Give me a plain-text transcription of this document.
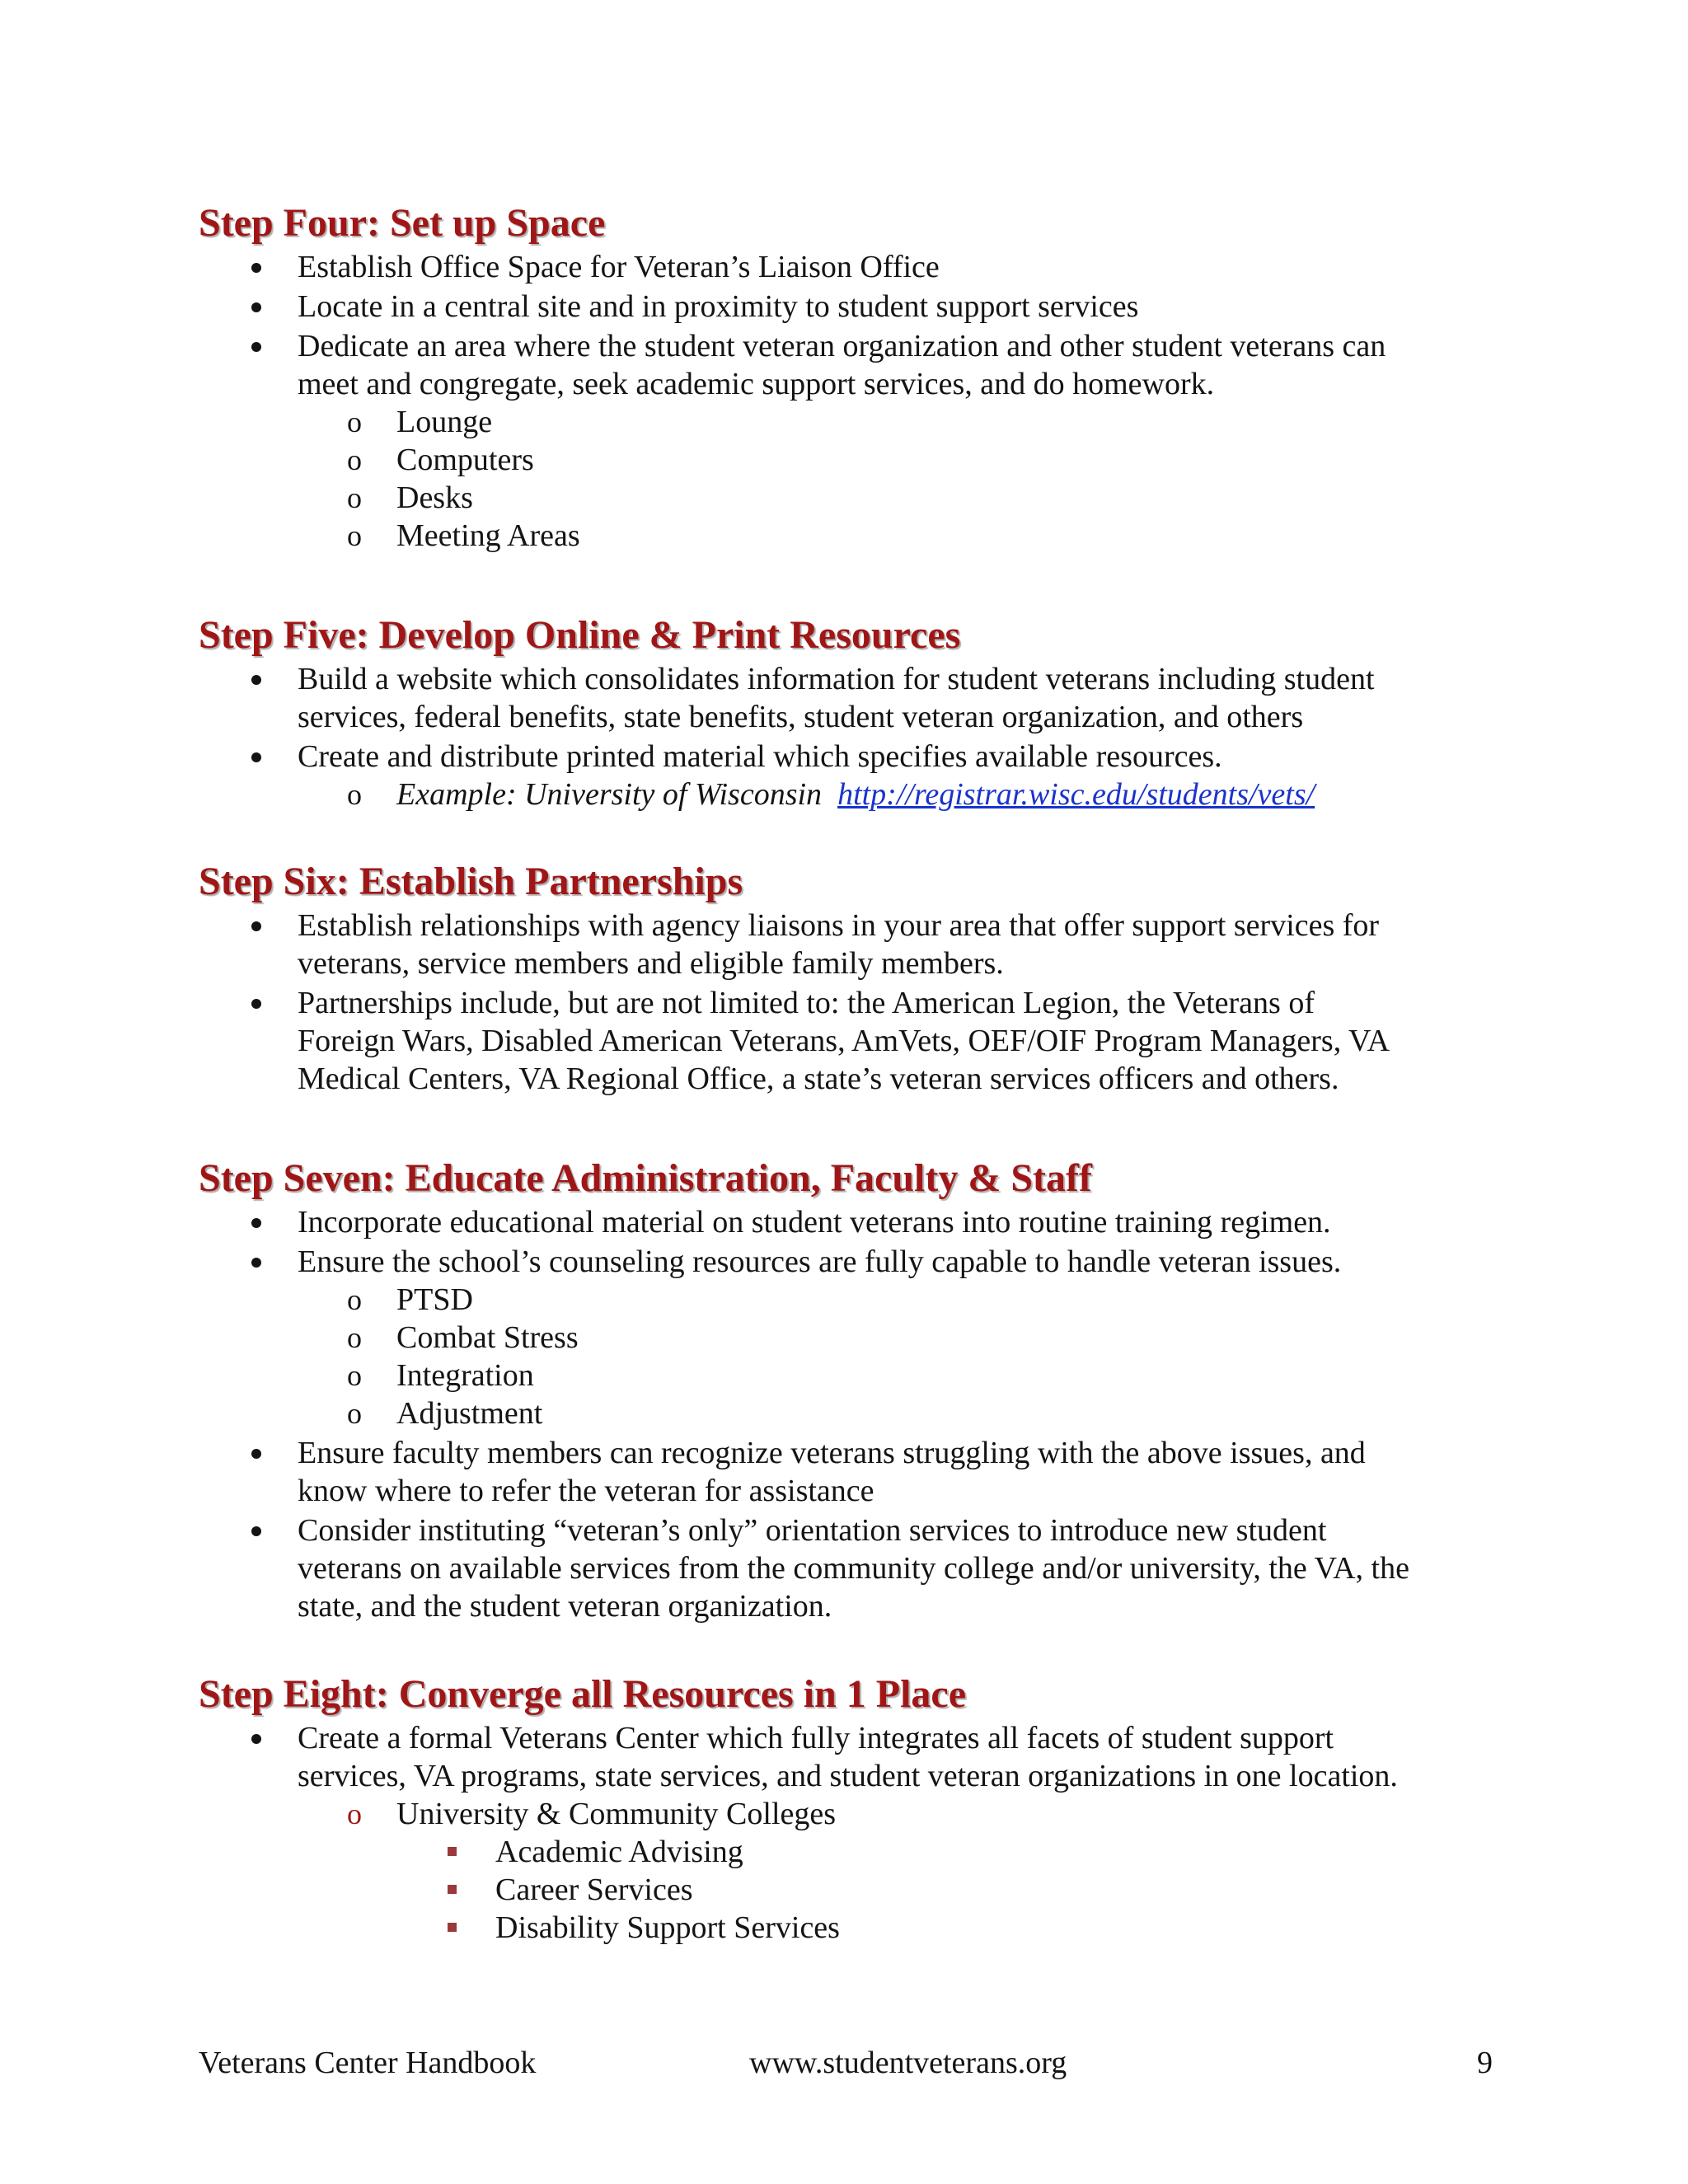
Step Four: Set up Space
Establish Office Space for Veteran’s Liaison Office
Locate in a central site and in proximity to student support services
Dedicate an area where the student veteran organization and other student veterans can
meet and congregate, seek academic support services, and do homework.
o Lounge
o Computers
o Desks
o Meeting Areas
Step Five: Develop Online & Print Resources
Build a website which consolidates information for student veterans including student
services, federal benefits, state benefits, student veteran organization, and others
Create and distribute printed material which specifies available resources.
o Example: University of Wisconsin http://registrar.wisc.edu/students/vets/
Step Six: Establish Partnerships
Establish relationships with agency liaisons in your area that offer support services for
veterans, service members and eligible family members.
Partnerships include, but are not limited to: the American Legion, the Veterans of
Foreign Wars, Disabled American Veterans, AmVets, OEF/OIF Program Managers, VA
Medical Centers, VA Regional Office, a state’s veteran services officers and others.
Step Seven: Educate Administration, Faculty & Staff
Incorporate educational material on student veterans into routine training regimen.
Ensure the school’s counseling resources are fully capable to handle veteran issues.
o PTSD
o Combat Stress
o Integration
o Adjustment
Ensure faculty members can recognize veterans struggling with the above issues, and
know where to refer the veteran for assistance
Consider instituting “veteran’s only” orientation services to introduce new student
veterans on available services from the community college and/or university, the VA, the
state, and the student veteran organization.
Step Eight: Converge all Resources in 1 Place
Create a formal Veterans Center which fully integrates all facets of student support
services, VA programs, state services, and student veteran organizations in one location.
o University & Community Colleges
Academic Advising
Career Services
Disability Support Services
Veterans Center Handbook	www.studentveterans.org	9
